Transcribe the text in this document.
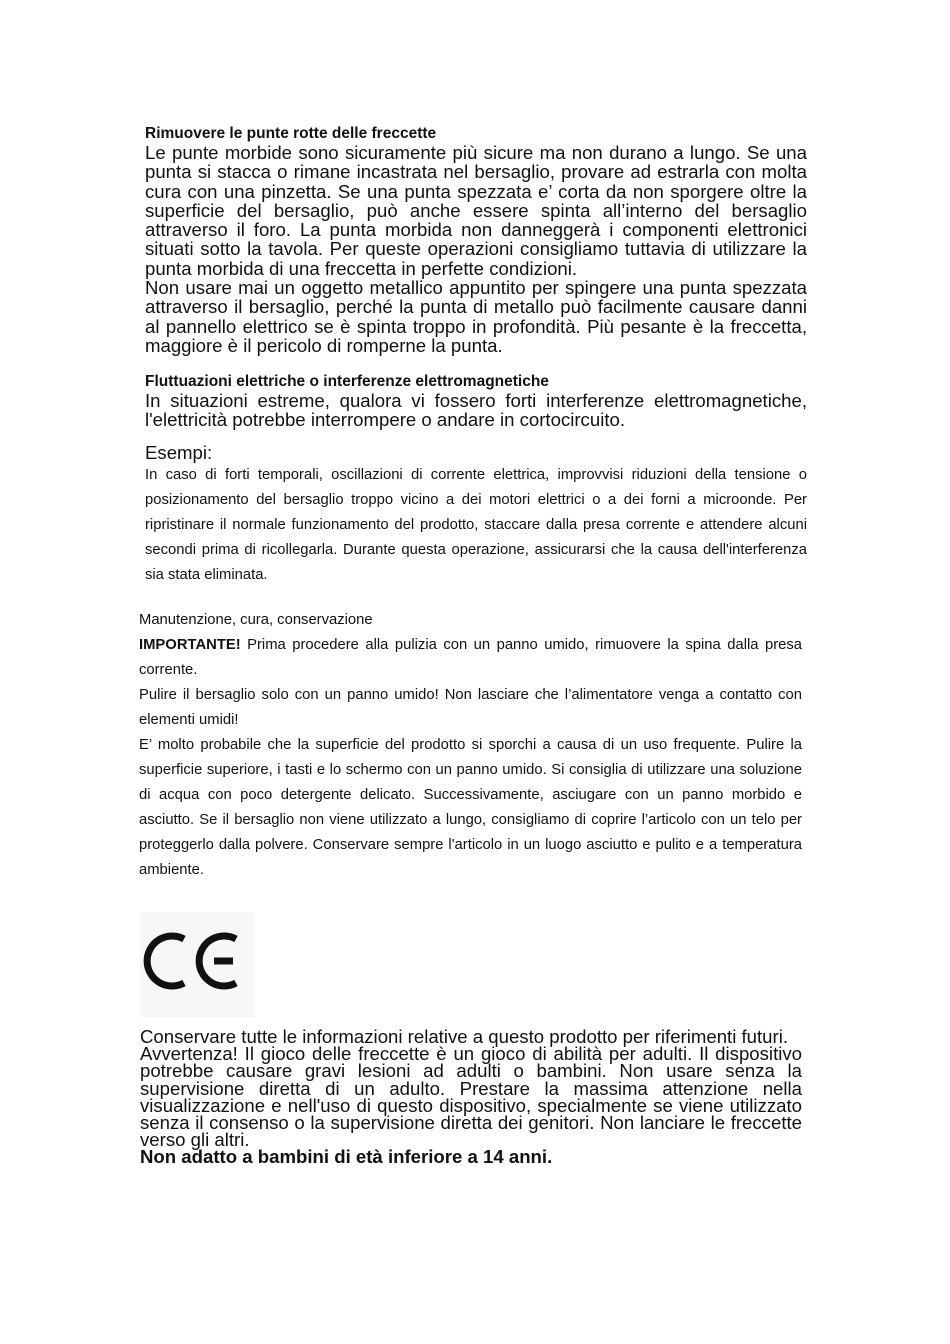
Rimuovere le punte rotte delle freccette

Le punte morbide sono sicuramente più sicure ma non durano a lungo. Se una punta si stacca o rimane incastrata nel bersaglio, provare ad estrarla con molta cura con una pinzetta. Se una punta spezzata e’ corta da non sporgere oltre la superficie del bersaglio, può anche essere spinta all’interno del bersaglio attraverso il foro. La punta morbida non danneggerà i componenti elettronici situati sotto la tavola. Per queste operazioni consigliamo tuttavia di utilizzare la punta morbida di una freccetta in perfette condizioni.

Non usare mai un oggetto metallico appuntito per spingere una punta spezzata attraverso il bersaglio, perché la punta di metallo può facilmente causare danni al pannello elettrico se è spinta troppo in profondità. Più pesante è la freccetta, maggiore è il pericolo di romperne la punta.

Fluttuazioni elettriche o interferenze elettromagnetiche

In situazioni estreme, qualora vi fossero forti interferenze elettromagnetiche, l'elettricità potrebbe interrompere o andare in cortocircuito.

Esempi:

In caso di forti temporali, oscillazioni di corrente elettrica, improvvisi riduzioni della tensione o posizionamento del bersaglio troppo vicino a dei motori elettrici o a dei forni a microonde. Per ripristinare il normale funzionamento del prodotto, staccare dalla presa corrente e attendere alcuni secondi prima di ricollegarla. Durante questa operazione, assicurarsi che la causa dell'interferenza sia stata eliminata.

Manutenzione, cura, conservazione

IMPORTANTE! Prima procedere alla pulizia con un panno umido, rimuovere la spina dalla presa corrente.

Pulire il bersaglio solo con un panno umido! Non lasciare che l’alimentatore venga a contatto con elementi umidi!

E’ molto probabile che la superficie del prodotto si sporchi a causa di un uso frequente. Pulire la superficie superiore, i tasti e lo schermo con un panno umido. Si consiglia di utilizzare una soluzione di acqua con poco detergente delicato. Successivamente, asciugare con un panno morbido e asciutto. Se il bersaglio non viene utilizzato a lungo, consigliamo di coprire l’articolo con un telo per proteggerlo dalla polvere. Conservare sempre l'articolo in un luogo asciutto e pulito e a temperatura ambiente.

Conservare tutte le informazioni relative a questo prodotto per riferimenti futuri.

Avvertenza! Il gioco delle freccette è un gioco di abilità per adulti. Il dispositivo potrebbe causare gravi lesioni ad adulti o bambini. Non usare senza la supervisione diretta di un adulto. Prestare la massima attenzione nella visualizzazione e nell'uso di questo dispositivo, specialmente se viene utilizzato senza il consenso o la supervisione diretta dei genitori. Non lanciare le freccette verso gli altri.

Non adatto a bambini di età inferiore a 14 anni.
